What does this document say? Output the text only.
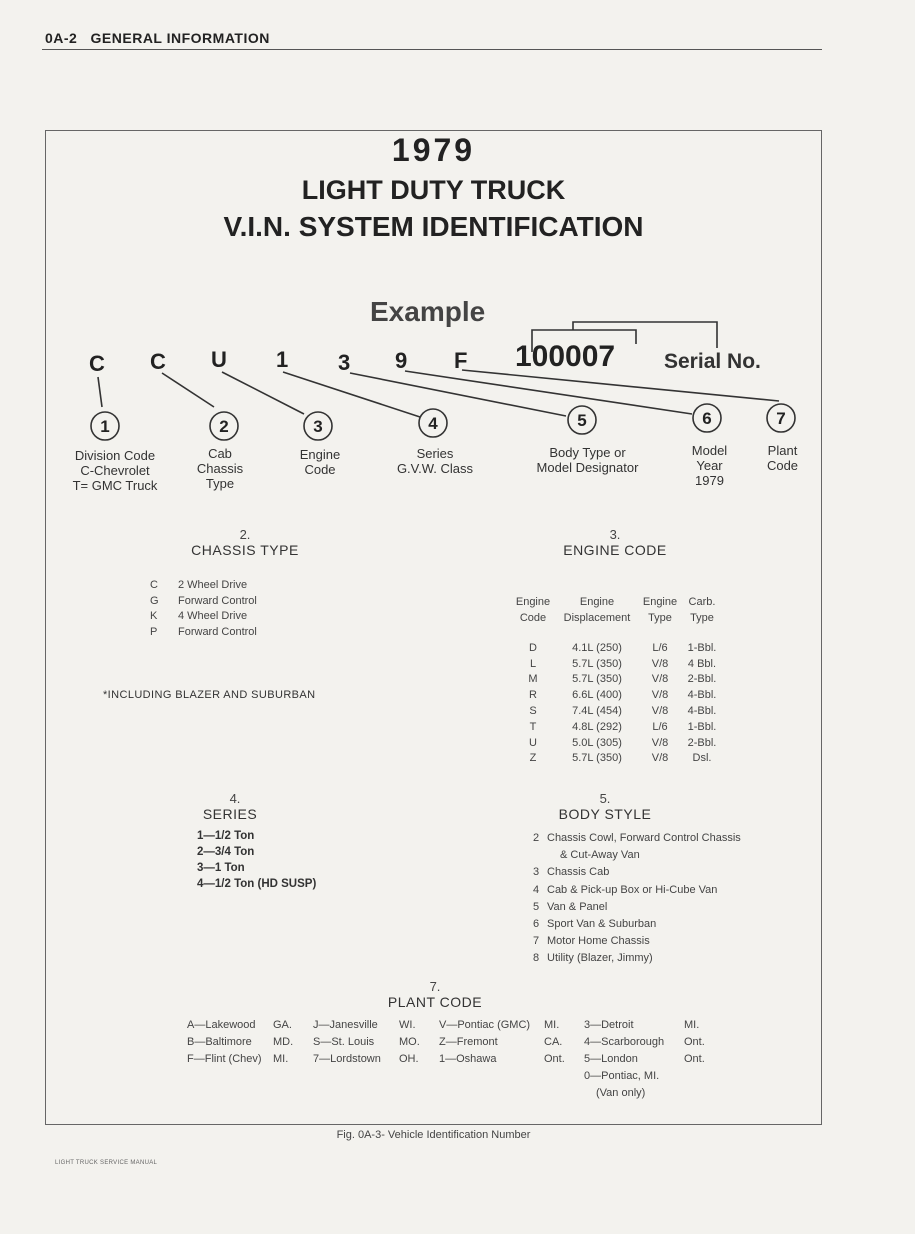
0A-2 GENERAL INFORMATION
1979
LIGHT DUTY TRUCK
V.I.N. SYSTEM IDENTIFICATION
Example
1	2	3	4	5	6	7
C C U 1 3 9 F 100007 Serial No.
Division Code
C-Chevrolet
T= GMC Truck
Cab
Chassis
Type
Engine
Code
Series
G.V.W. Class
Body Type or
Model Designator
Model
Year
1979
Plant
Code
2.
CHASSIS TYPE
C 2 Wheel Drive
G Forward Control
K 4 Wheel Drive
P Forward Control
*INCLUDING BLAZER AND SUBURBAN
3.
ENGINE CODE
Engine	Engine	Engine	Carb.
Code	Displacement	Type	Type

D	4.1L (250)	L/6	1-Bbl.
L	5.7L (350)	V/8	4 Bbl.
M	5.7L (350)	V/8	2-Bbl.
R	6.6L (400)	V/8	4-Bbl.
S	7.4L (454)	V/8	4-Bbl.
T	4.8L (292)	L/6	1-Bbl.
U	5.0L (305)	V/8	2-Bbl.
Z	5.7L (350)	V/8	Dsl.
4.
SERIES
1—1/2 Ton
2—3/4 Ton
3—1 Ton
4—1/2 Ton (HD SUSP)
5.
BODY STYLE
2 Chassis Cowl, Forward Control Chassis
& Cut-Away Van
3 Chassis Cab
4 Cab & Pick-up Box or Hi-Cube Van
5 Van & Panel
6 Sport Van & Suburban
7 Motor Home Chassis
8 Utility (Blazer, Jimmy)
7.
PLANT CODE
A—Lakewood	GA.	J—Janesville	WI.	V—Pontiac (GMC)	MI.	3—Detroit	MI.
B—Baltimore	MD.	S—St. Louis	MO.	Z—Fremont	CA.	4—Scarborough	Ont.
F—Flint (Chev)	MI.	7—Lordstown	OH.	1—Oshawa	Ont.	5—London	Ont.
						0—Pontiac, MI.	
						(Van only)	
Fig. 0A-3- Vehicle Identification Number
LIGHT TRUCK SERVICE MANUAL
